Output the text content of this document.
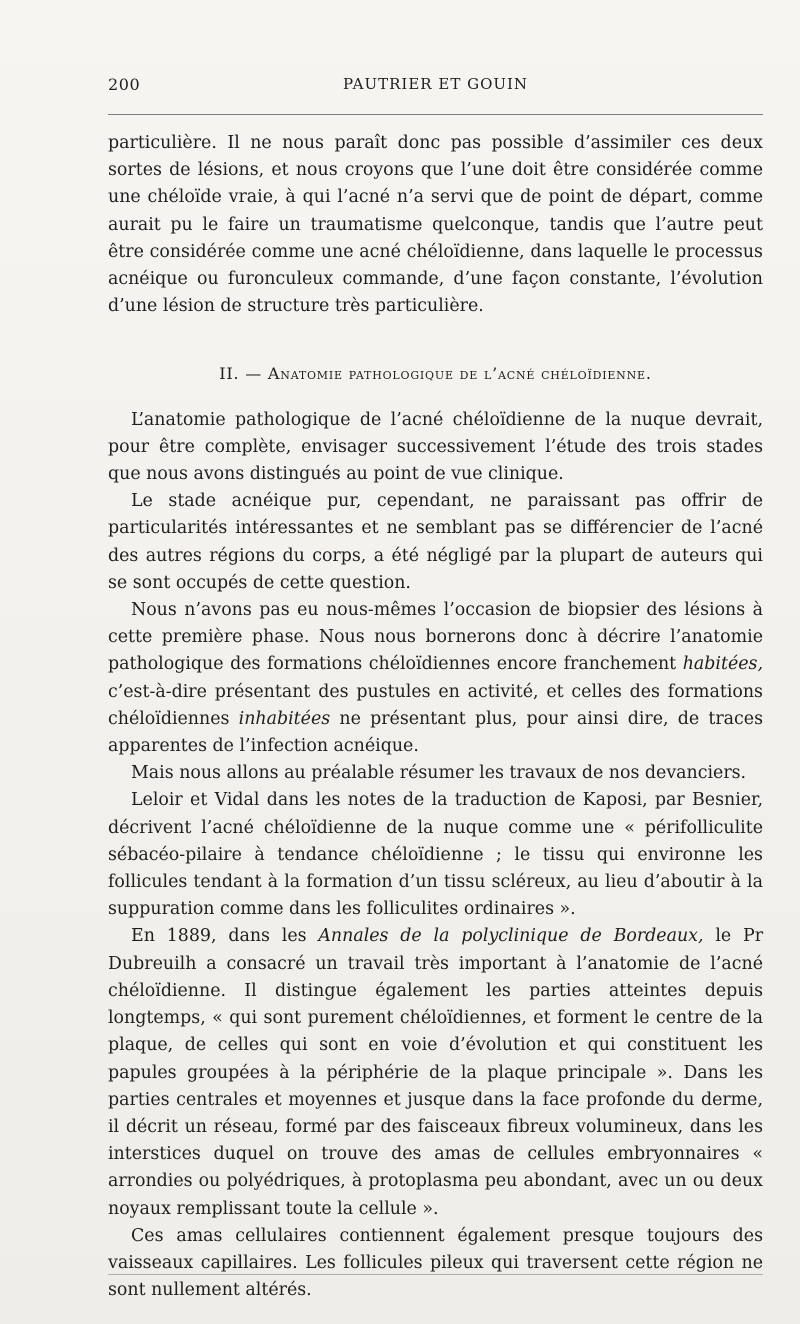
200	PAUTRIER ET GOUIN

particulière. Il ne nous paraît donc pas possible d’assimiler ces deux sortes de lésions, et nous croyons que l’une doit être considérée comme une chéloïde vraie, à qui l’acné n’a servi que de point de départ, comme aurait pu le faire un traumatisme quelconque, tandis que l’autre peut être considérée comme une acné chéloïdienne, dans laquelle le processus acnéique ou furonculeux commande, d’une façon constante, l’évolution d’une lésion de structure très particulière.

II. — Anatomie pathologique de l’acné chéloïdienne.

L’anatomie pathologique de l’acné chéloïdienne de la nuque devrait, pour être complète, envisager successivement l’étude des trois stades que nous avons distingués au point de vue clinique.

Le stade acnéique pur, cependant, ne paraissant pas offrir de particularités intéressantes et ne semblant pas se différencier de l’acné des autres régions du corps, a été négligé par la plupart de auteurs qui se sont occupés de cette question.

Nous n’avons pas eu nous-mêmes l’occasion de biopsier des lésions à cette première phase. Nous nous bornerons donc à décrire l’anatomie pathologique des formations chéloïdiennes encore franchement habitées, c’est-à-dire présentant des pustules en activité, et celles des formations chéloïdiennes inhabitées ne présentant plus, pour ainsi dire, de traces apparentes de l’infection acnéique.

Mais nous allons au préalable résumer les travaux de nos devanciers.

Leloir et Vidal dans les notes de la traduction de Kaposi, par Besnier, décrivent l’acné chéloïdienne de la nuque comme une « périfolliculite sébacéo-pilaire à tendance chéloïdienne ; le tissu qui environne les follicules tendant à la formation d’un tissu scléreux, au lieu d’aboutir à la suppuration comme dans les folliculites ordinaires ».

En 1889, dans les Annales de la polyclinique de Bordeaux, le Pr Dubreuilh a consacré un travail très important à l’anatomie de l’acné chéloïdienne. Il distingue également les parties atteintes depuis longtemps, « qui sont purement chéloïdiennes, et forment le centre de la plaque, de celles qui sont en voie d’évolution et qui constituent les papules groupées à la périphérie de la plaque principale ». Dans les parties centrales et moyennes et jusque dans la face profonde du derme, il décrit un réseau, formé par des faisceaux fibreux volumineux, dans les interstices duquel on trouve des amas de cellules embryonnaires « arrondies ou polyédriques, à protoplasma peu abondant, avec un ou deux noyaux remplissant toute la cellule ».

Ces amas cellulaires contiennent également presque toujours des vaisseaux capillaires. Les follicules pileux qui traversent cette région ne sont nullement altérés.
